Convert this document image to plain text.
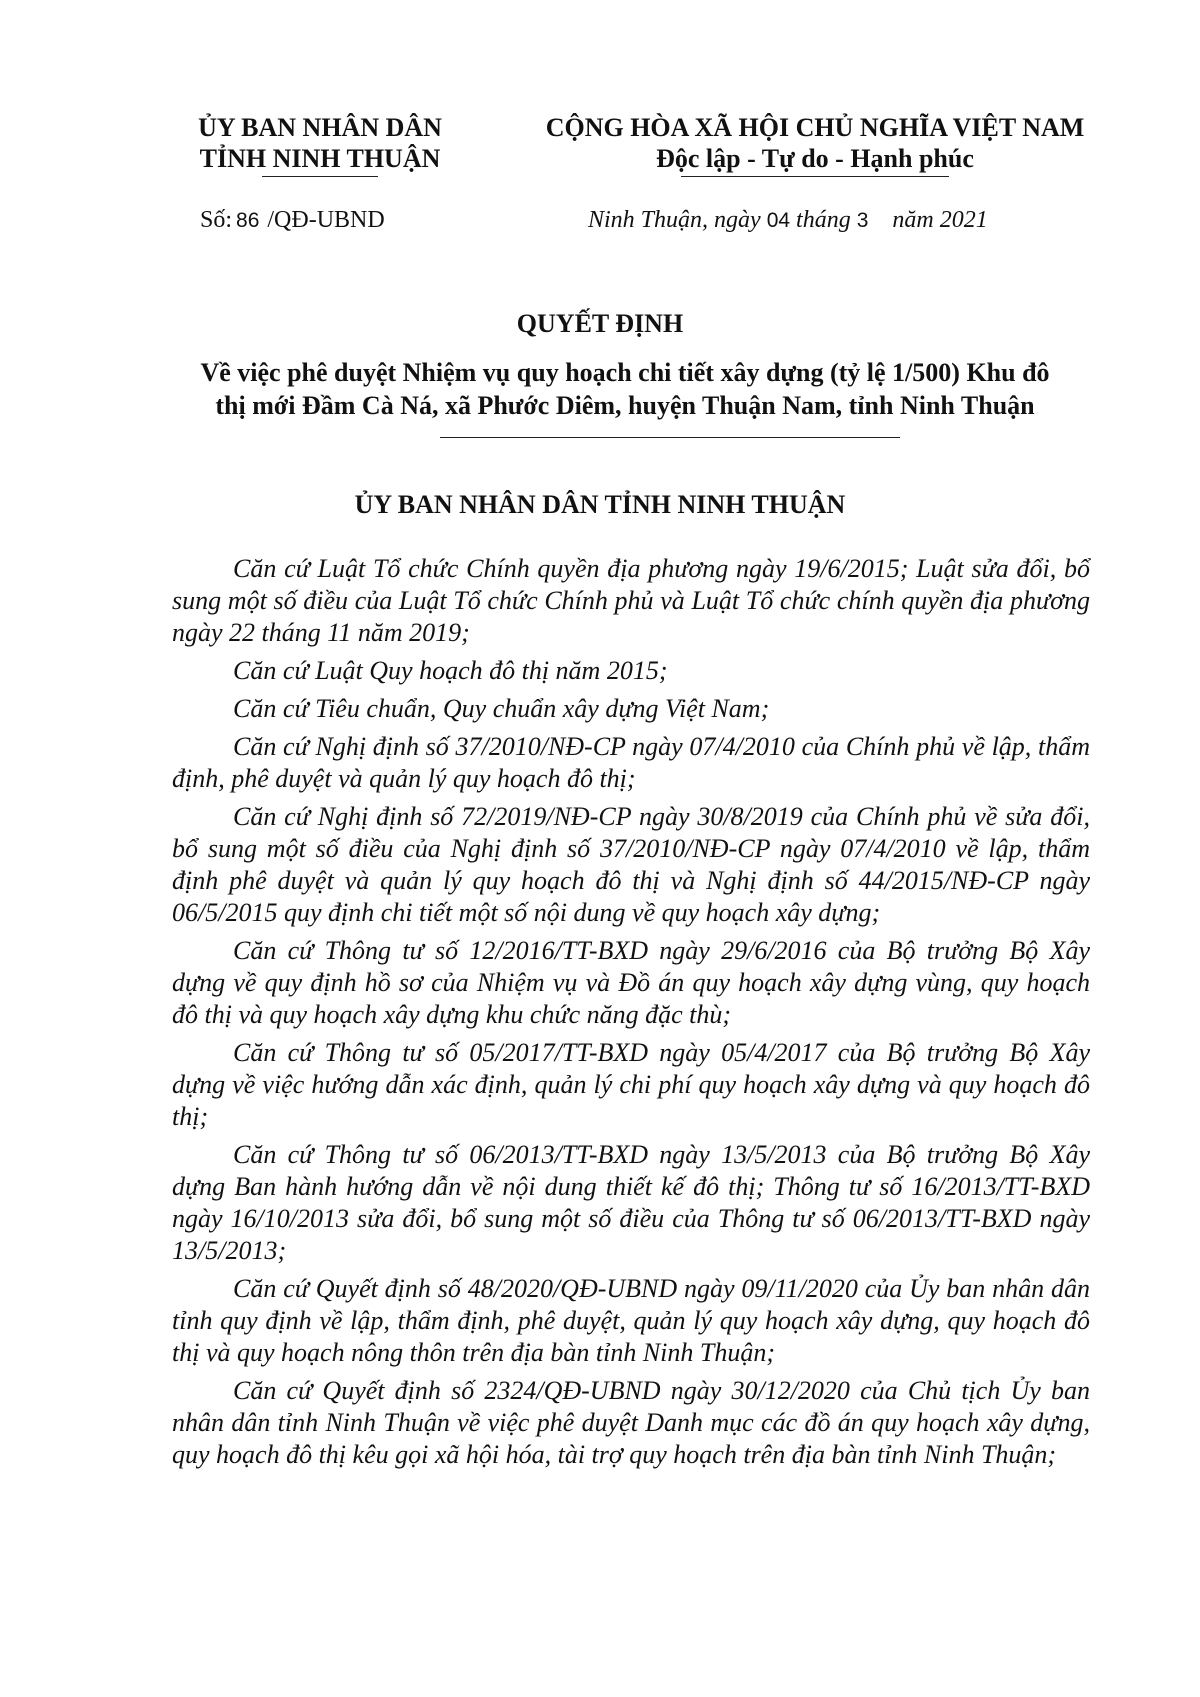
ỦY BAN NHÂN DÂN
TỈNH NINH THUẬN
CỘNG HÒA XÃ HỘI CHỦ NGHĨA VIỆT NAM
Độc lập - Tự do - Hạnh phúc
Số: 86 /QĐ-UBND	Ninh Thuận, ngày 04 tháng 3 năm 2021
QUYẾT ĐỊNH
Về việc phê duyệt Nhiệm vụ quy hoạch chi tiết xây dựng (tỷ lệ 1/500) Khu đô
thị mới Đầm Cà Ná, xã Phước Diêm, huyện Thuận Nam, tỉnh Ninh Thuận
ỦY BAN NHÂN DÂN TỈNH NINH THUẬN

Căn cứ Luật Tổ chức Chính quyền địa phương ngày 19/6/2015; Luật sửa đổi, bổ sung một số điều của Luật Tổ chức Chính phủ và Luật Tổ chức chính quyền địa phương ngày 22 tháng 11 năm 2019;

Căn cứ Luật Quy hoạch đô thị năm 2015;

Căn cứ Tiêu chuẩn, Quy chuẩn xây dựng Việt Nam;

Căn cứ Nghị định số 37/2010/NĐ-CP ngày 07/4/2010 của Chính phủ về lập, thẩm định, phê duyệt và quản lý quy hoạch đô thị;

Căn cứ Nghị định số 72/2019/NĐ-CP ngày 30/8/2019 của Chính phủ về sửa đổi, bổ sung một số điều của Nghị định số 37/2010/NĐ-CP ngày 07/4/2010 về lập, thẩm định phê duyệt và quản lý quy hoạch đô thị và Nghị định số 44/2015/NĐ-CP ngày 06/5/2015 quy định chi tiết một số nội dung về quy hoạch xây dựng;

Căn cứ Thông tư số 12/2016/TT-BXD ngày 29/6/2016 của Bộ trưởng Bộ Xây dựng về quy định hồ sơ của Nhiệm vụ và Đồ án quy hoạch xây dựng vùng, quy hoạch đô thị và quy hoạch xây dựng khu chức năng đặc thù;

Căn cứ Thông tư số 05/2017/TT-BXD ngày 05/4/2017 của Bộ trưởng Bộ Xây dựng về việc hướng dẫn xác định, quản lý chi phí quy hoạch xây dựng và quy hoạch đô thị;

Căn cứ Thông tư số 06/2013/TT-BXD ngày 13/5/2013 của Bộ trưởng Bộ Xây dựng Ban hành hướng dẫn về nội dung thiết kế đô thị; Thông tư số 16/2013/TT-BXD ngày 16/10/2013 sửa đổi, bổ sung một số điều của Thông tư số 06/2013/TT-BXD ngày 13/5/2013;

Căn cứ Quyết định số 48/2020/QĐ-UBND ngày 09/11/2020 của Ủy ban nhân dân tỉnh quy định về lập, thẩm định, phê duyệt, quản lý quy hoạch xây dựng, quy hoạch đô thị và quy hoạch nông thôn trên địa bàn tỉnh Ninh Thuận;

Căn cứ Quyết định số 2324/QĐ-UBND ngày 30/12/2020 của Chủ tịch Ủy ban nhân dân tỉnh Ninh Thuận về việc phê duyệt Danh mục các đồ án quy hoạch xây dựng, quy hoạch đô thị kêu gọi xã hội hóa, tài trợ quy hoạch trên địa bàn tỉnh Ninh Thuận;
